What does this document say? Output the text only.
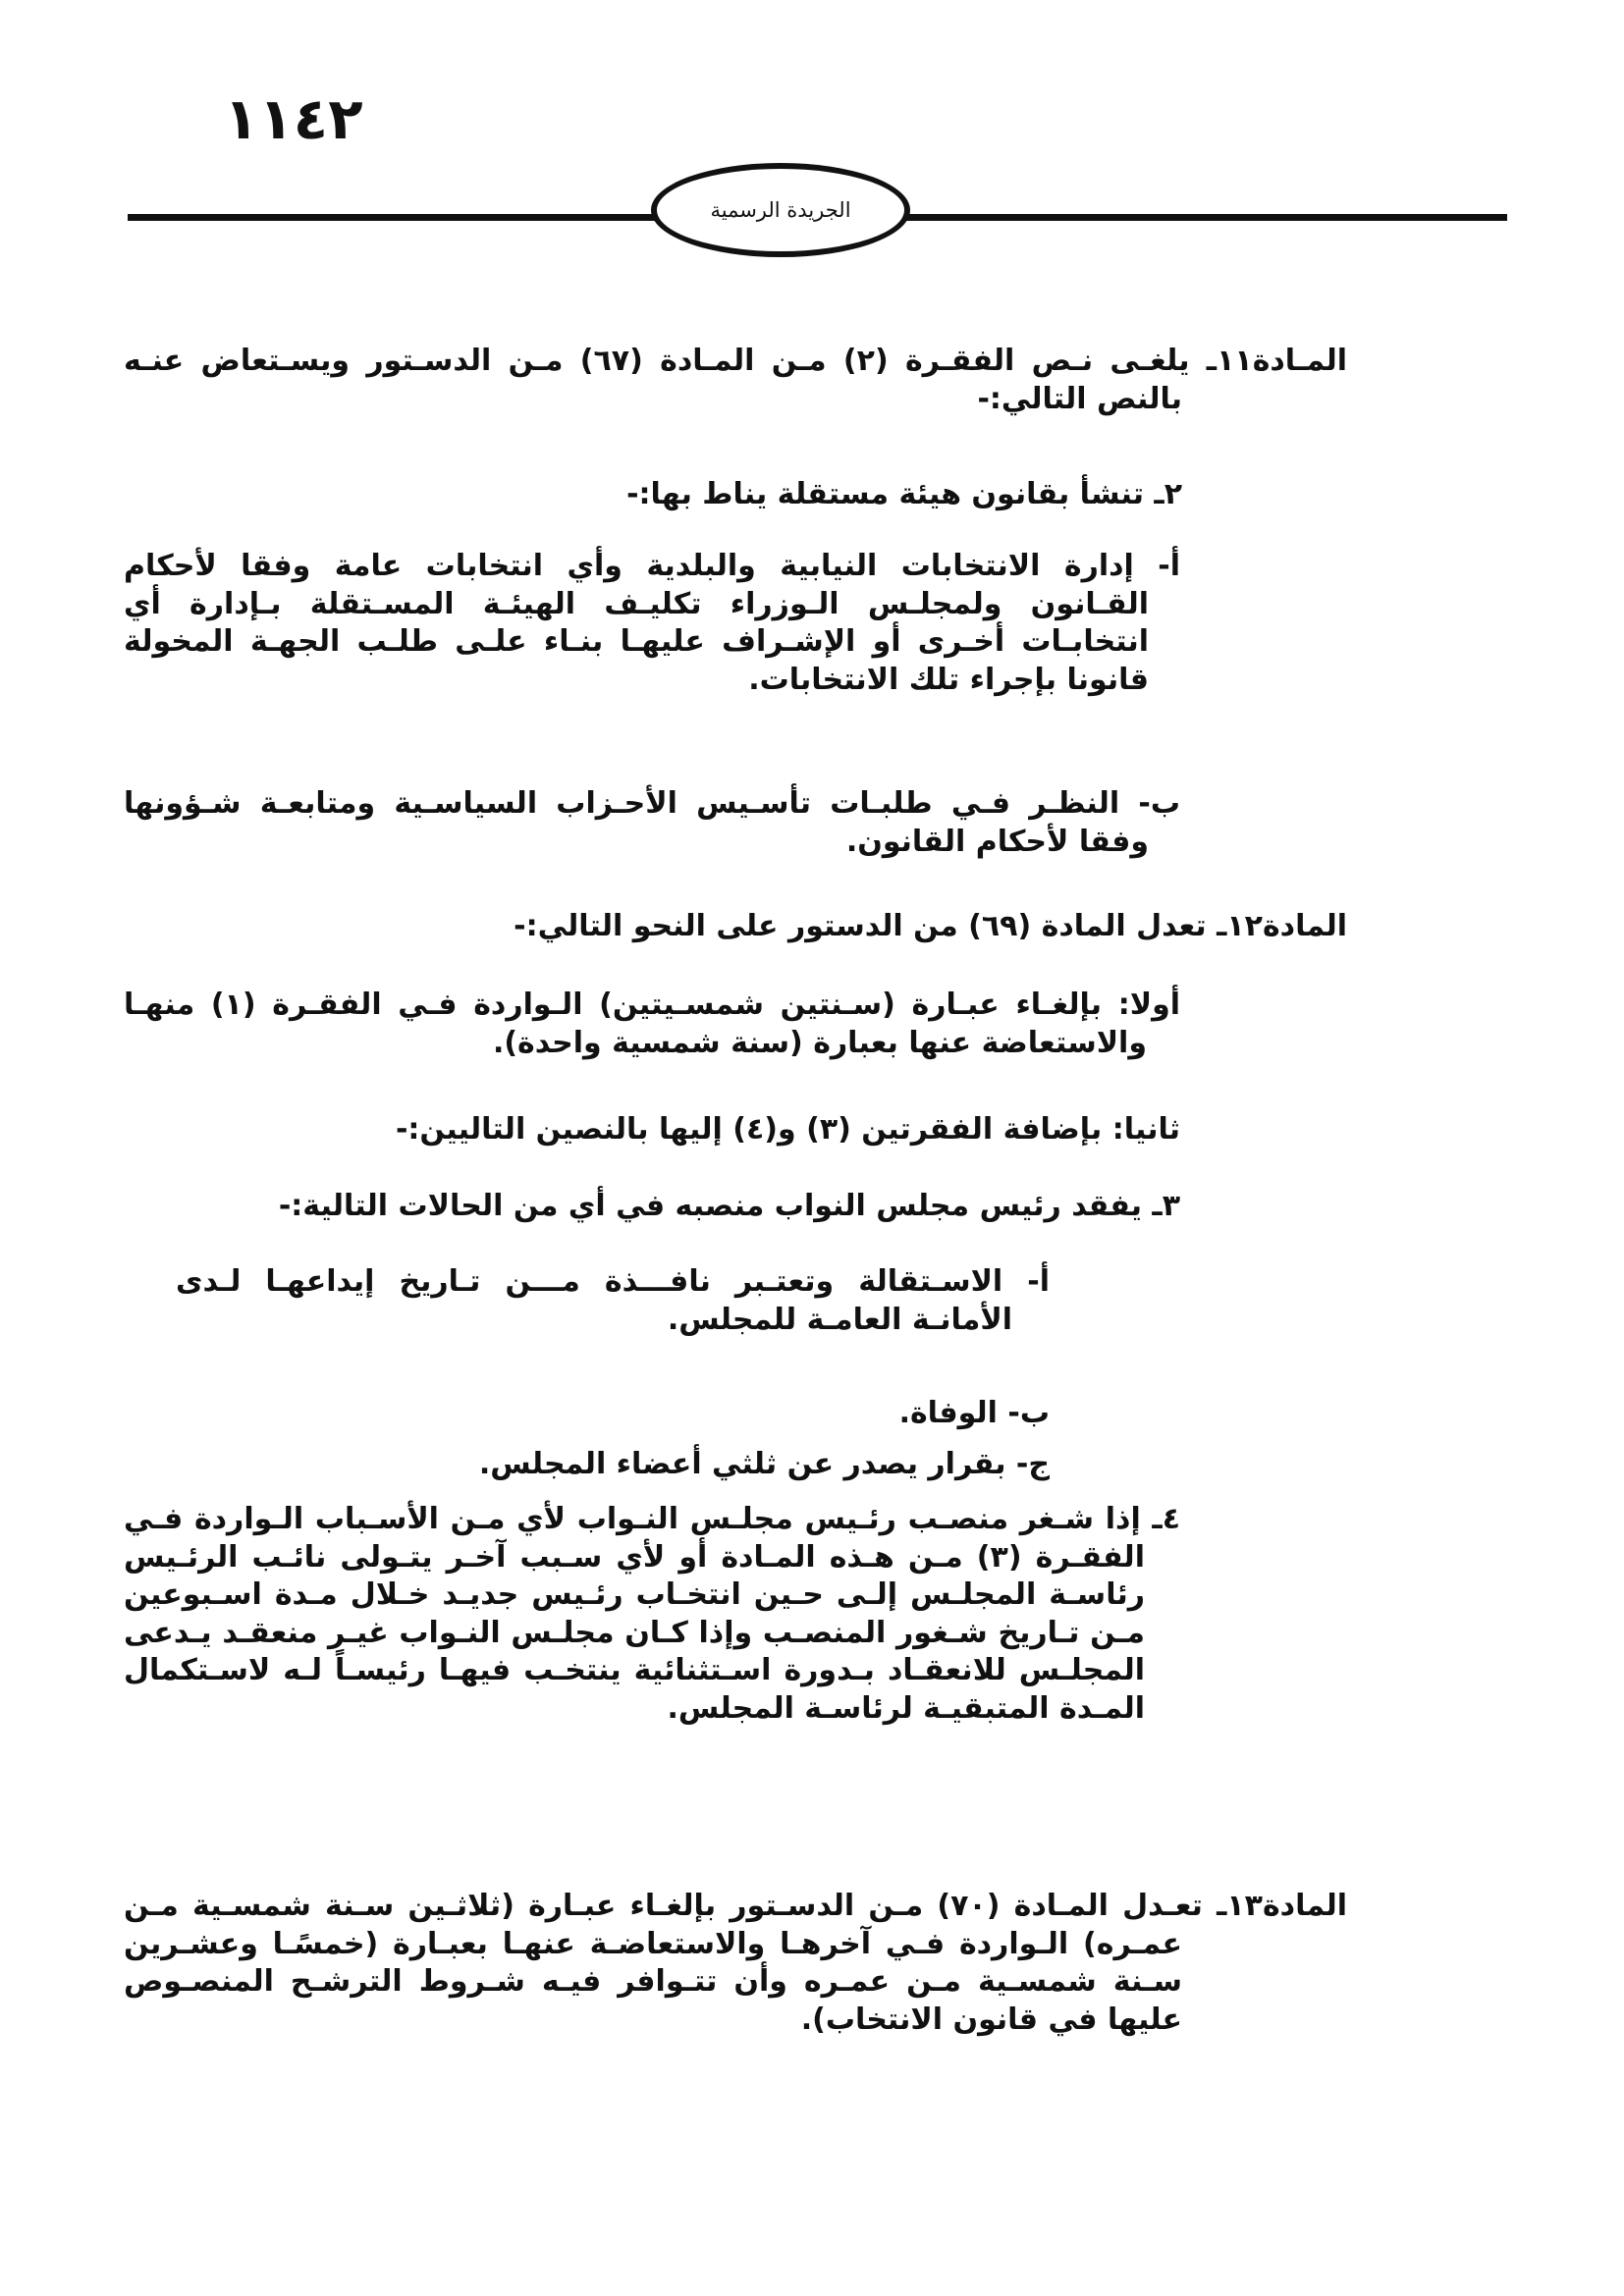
١١٤٢
الجريدة الرسمية

المـادة١١ـ يلغـى نـص الفقـرة (٢) مـن المـادة (٦٧) مـن الدسـتور ويسـتعاض عنـه بالنص التالي:-

٢ـ تنشأ بقانون هيئة مستقلة يناط بها:-

أ- إدارة الانتخابات النيابية والبلدية وأي انتخابات عامة وفقا لأحكام القـانون ولمجلـس الـوزراء تكليـف الهيئـة المسـتقلة بـإدارة أي انتخابـات أخـرى أو الإشـراف عليهـا بنـاء علـى طلـب الجهـة المخولة قانونا بإجراء تلك الانتخابات.

ب- النظـر فـي طلبـات تأسـيس الأحـزاب السياسـية ومتابعـة شـؤونها وفقا لأحكام القانون.

المادة١٢ـ تعدل المادة (٦٩) من الدستور على النحو التالي:-

أولا: بإلغـاء عبـارة (سـنتين شمسـيتين) الـواردة فـي الفقـرة (١) منهـا والاستعاضة عنها بعبارة (سنة شمسية واحدة).

ثانيا: بإضافة الفقرتين (٣) و(٤) إليها بالنصين التاليين:-

٣ـ يفقد رئيس مجلس النواب منصبه في أي من الحالات التالية:-

أ- الاسـتقالة وتعتـبر نافـــذة مـــن تـاريخ إيداعهـا لـدى الأمانـة العامـة للمجلس.

ب- الوفاة.

ج- بقرار يصدر عن ثلثي أعضاء المجلس.

٤ـ إذا شـغر منصـب رئـيس مجلـس النـواب لأي مـن الأسـباب الـواردة فـي الفقـرة (٣) مـن هـذه المـادة أو لأي سـبب آخـر يتـولى نائـب الرئـيس رئاسـة المجلـس إلـى حـين انتخـاب رئـيس جديـد خـلال مـدة اسـبوعين مـن تـاريخ شـغور المنصـب وإذا كـان مجلـس النـواب غيـر منعقـد يـدعى المجلـس للانعقـاد بـدورة اسـتثنائية ينتخـب فيهـا رئيسـاً لـه لاسـتكمال المـدة المتبقيـة لرئاسـة المجلس.

المادة١٣ـ تعـدل المـادة (٧٠) مـن الدسـتور بإلغـاء عبـارة (ثلاثـين سـنة شمسـية مـن عمـره) الـواردة فـي آخرهـا والاستعاضـة عنهـا بعبـارة (خمسًـا وعشـرين سـنة شمسـية مـن عمـره وأن تتـوافر فيـه شـروط الترشـح المنصـوص عليها في قانون الانتخاب).
